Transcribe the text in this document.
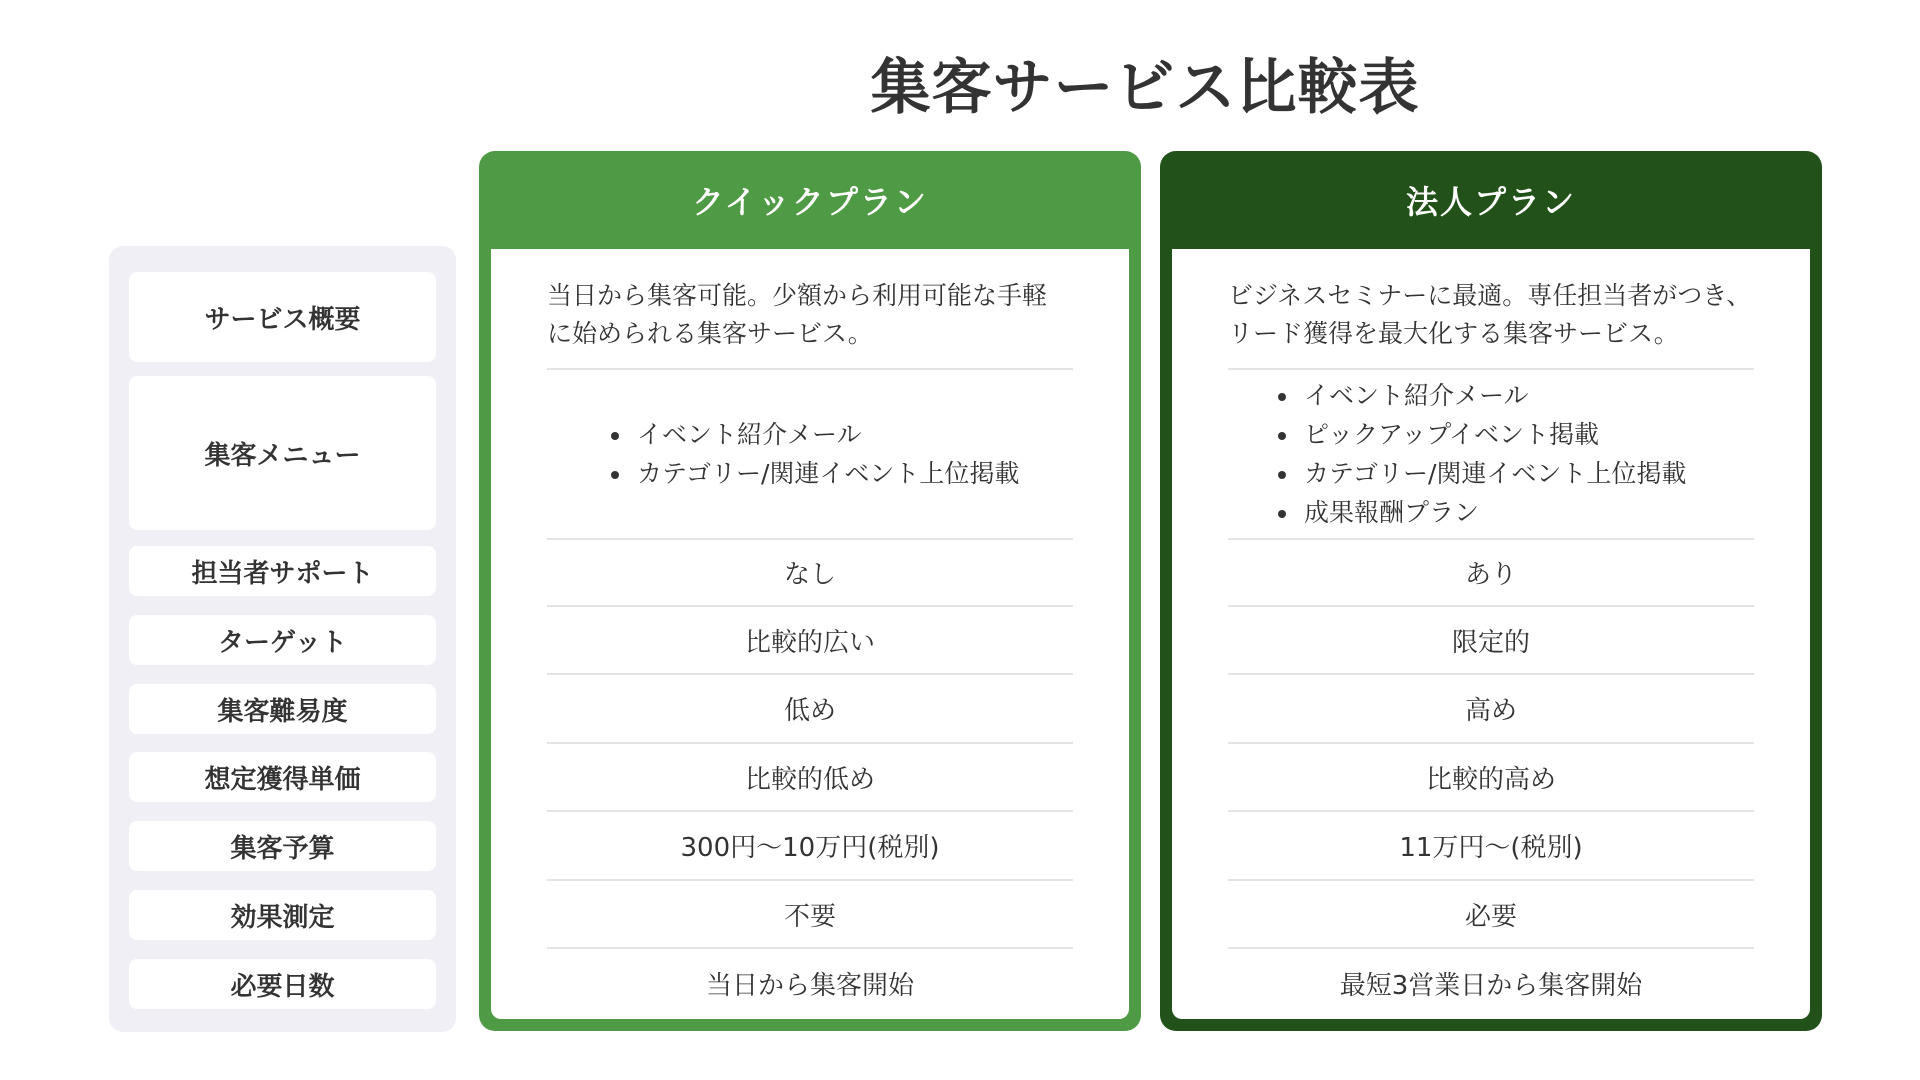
集客サービス比較表
サービス概要
集客メニュー
担当者サポート
ターゲット
集客難易度
想定獲得単価
集客予算
効果測定
必要日数
クイックプラン
当日から集客可能。少額から利用可能な手軽
に始められる集客サービス。
• イベント紹介メール
• カテゴリー/関連イベント上位掲載
なし
比較的広い
低め
比較的低め
300円〜10万円(税別)
不要
当日から集客開始
法人プラン
ビジネスセミナーに最適。専任担当者がつき、
リード獲得を最大化する集客サービス。
• イベント紹介メール
• ピックアップイベント掲載
• カテゴリー/関連イベント上位掲載
• 成果報酬プラン
あり
限定的
高め
比較的高め
11万円〜(税別)
必要
最短3営業日から集客開始
